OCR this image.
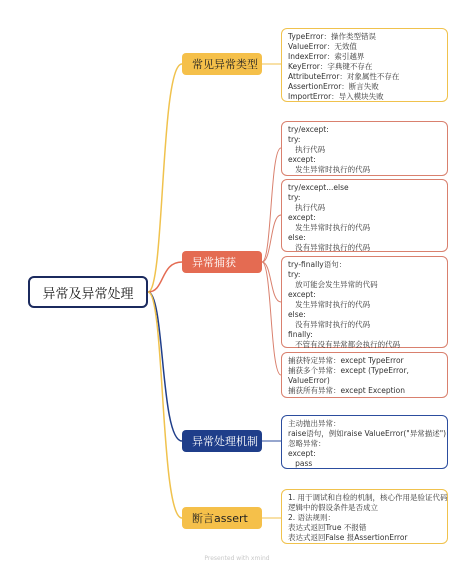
异常及异常处理
常见异常类型
异常捕获
异常处理机制
断言assert
TypeError：操作类型错误
ValueError：无效值
IndexError：索引越界
KeyError：字典键不存在
AttributeError：对象属性不存在
AssertionError：断言失败
ImportError：导入模块失败
try/except:
try:
执行代码
except:
发生异常时执行的代码
try/except...else
try:
执行代码
except:
发生异常时执行的代码
else:
没有异常时执行的代码
try-finally语句：
try:
放可能会发生异常的代码
except:
发生异常时执行的代码
else:
没有异常时执行的代码
finally:
不管有没有异常都会执行的代码
捕获特定异常：except TypeError
捕获多个异常：except (TypeError,
ValueError)
捕获所有异常：except Exception
主动抛出异常：
raise语句，例如raise ValueError("异常描述")
忽略异常：
except:
pass
1. 用于调试和自检的机制，核心作用是验证代码
逻辑中的假设条件是否成立
2. 语法规则：
表达式返回True 不报错
表达式返回False 报AssertionError
Presented with xmind
